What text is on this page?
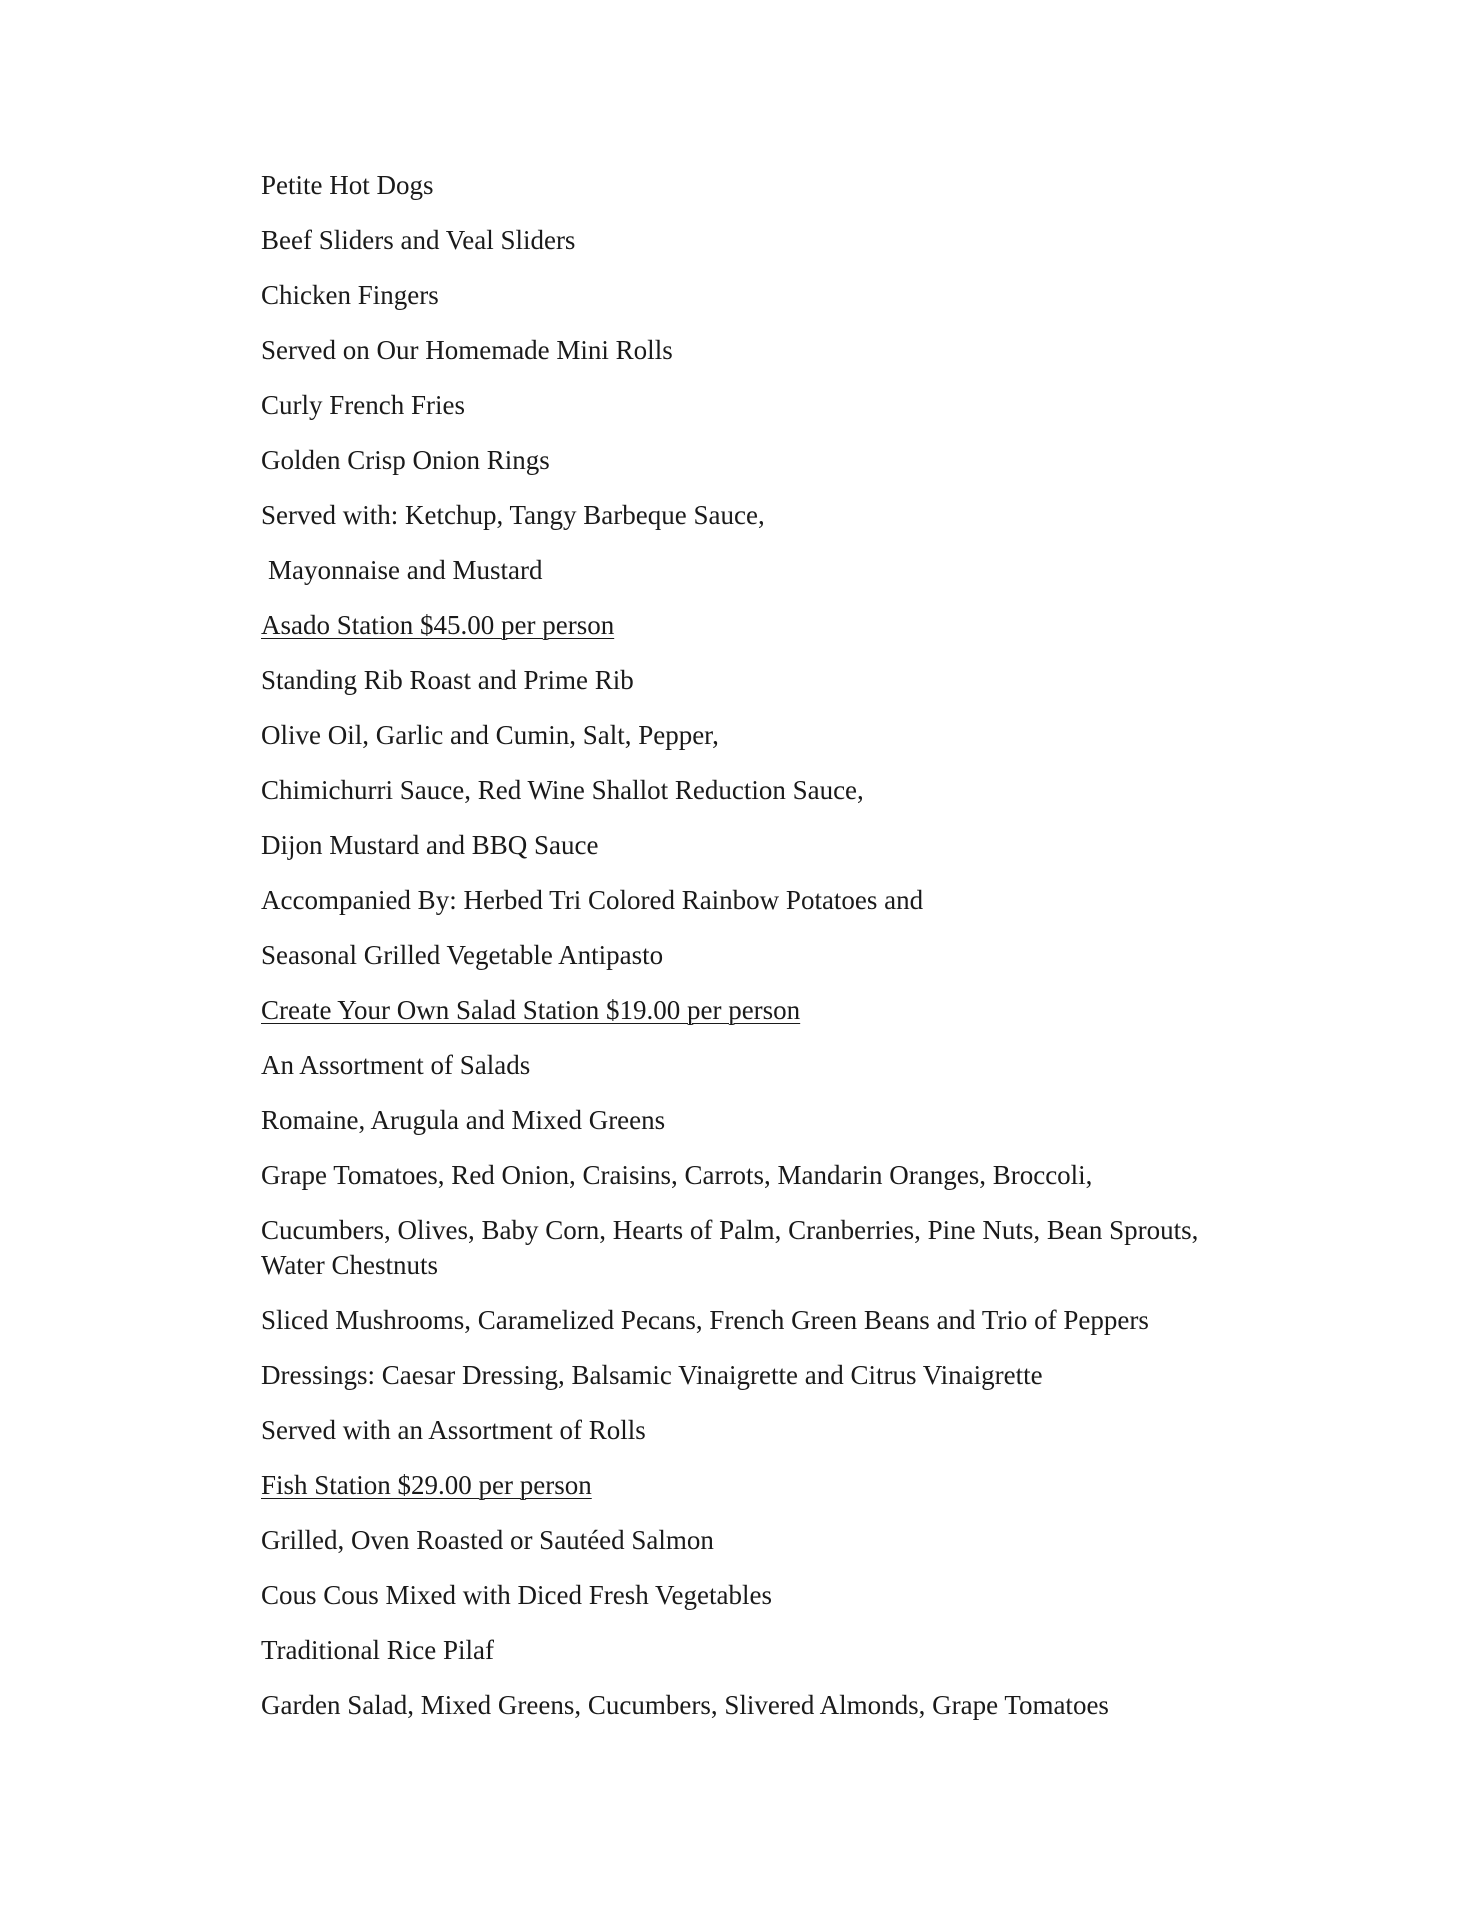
Petite Hot Dogs

Beef Sliders and Veal Sliders

Chicken Fingers

Served on Our Homemade Mini Rolls

Curly French Fries

Golden Crisp Onion Rings

Served with: Ketchup, Tangy Barbeque Sauce,

Mayonnaise and Mustard

Asado Station $45.00 per person

Standing Rib Roast and Prime Rib

Olive Oil, Garlic and Cumin, Salt, Pepper,

Chimichurri Sauce, Red Wine Shallot Reduction Sauce,

Dijon Mustard and BBQ Sauce

Accompanied By: Herbed Tri Colored Rainbow Potatoes and

Seasonal Grilled Vegetable Antipasto

Create Your Own Salad Station $19.00 per person

An Assortment of Salads

Romaine, Arugula and Mixed Greens

Grape Tomatoes, Red Onion, Craisins, Carrots, Mandarin Oranges, Broccoli,

Cucumbers, Olives, Baby Corn, Hearts of Palm, Cranberries, Pine Nuts, Bean Sprouts, Water Chestnuts

Sliced Mushrooms, Caramelized Pecans, French Green Beans and Trio of Peppers

Dressings: Caesar Dressing, Balsamic Vinaigrette and Citrus Vinaigrette

Served with an Assortment of Rolls

Fish Station $29.00 per person

Grilled, Oven Roasted or Sautéed Salmon

Cous Cous Mixed with Diced Fresh Vegetables

Traditional Rice Pilaf

Garden Salad, Mixed Greens, Cucumbers, Slivered Almonds, Grape Tomatoes
